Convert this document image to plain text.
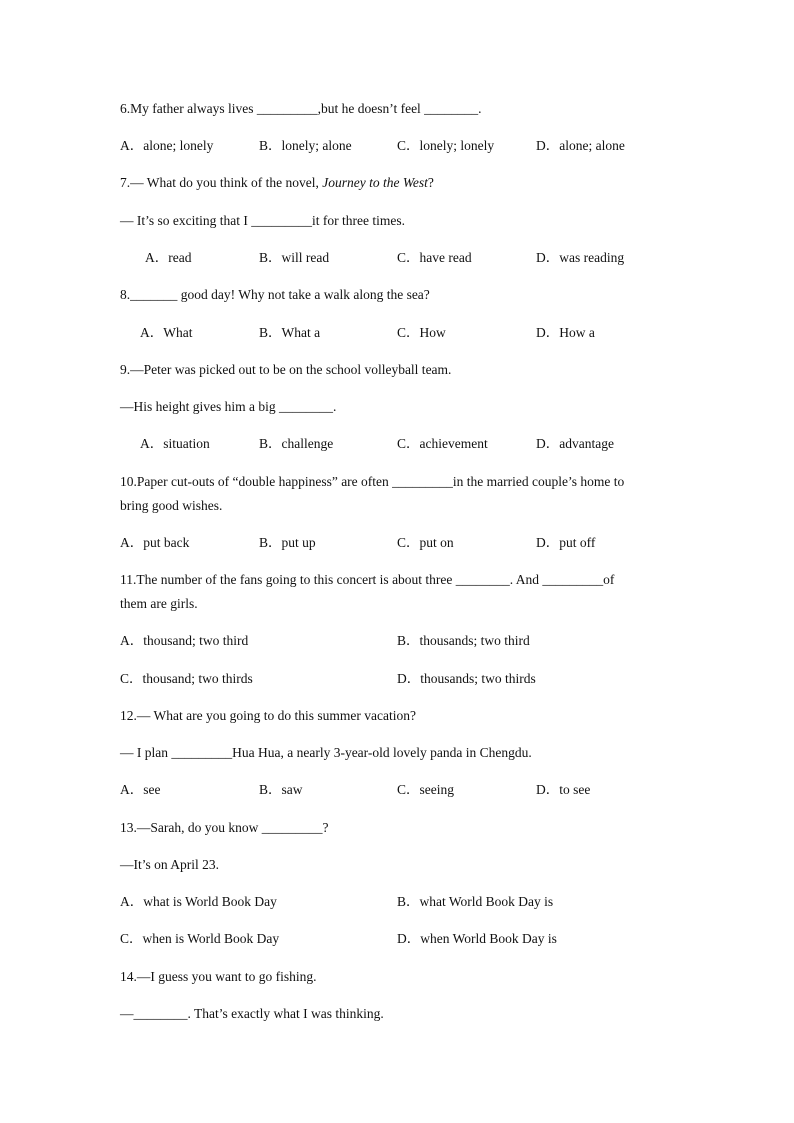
6.My father always lives _________,but he doesn’t feel ________.
A．alone; lonely	B．lonely; alone	C．lonely; lonely	D．alone; alone
7.— What do you think of the novel, Journey to the West?
— It’s so exciting that I _________it for three times.
A．read	B．will read	C．have read	D．was reading
8._______ good day! Why not take a walk along the sea?
A．What	B．What a	C．How	D．How a
9.—Peter was picked out to be on the school volleyball team.
—His height gives him a big ________.
A．situation	B．challenge	C．achievement	D．advantage
10.Paper cut-outs of “double happiness” are often _________in the married couple’s home to
bring good wishes.
A．put back	B．put up	C．put on	D．put off
11.The number of the fans going to this concert is about three ________. And _________of
them are girls.
A．thousand; two third	B．thousands; two third
C．thousand; two thirds	D．thousands; two thirds
12.— What are you going to do this summer vacation?
— I plan _________Hua Hua, a nearly 3-year-old lovely panda in Chengdu.
A．see	B．saw	C．seeing	D．to see
13.—Sarah, do you know _________?
—It’s on April 23.
A．what is World Book Day	B．what World Book Day is
C．when is World Book Day	D．when World Book Day is
14.—I guess you want to go fishing.
—________. That’s exactly what I was thinking.
